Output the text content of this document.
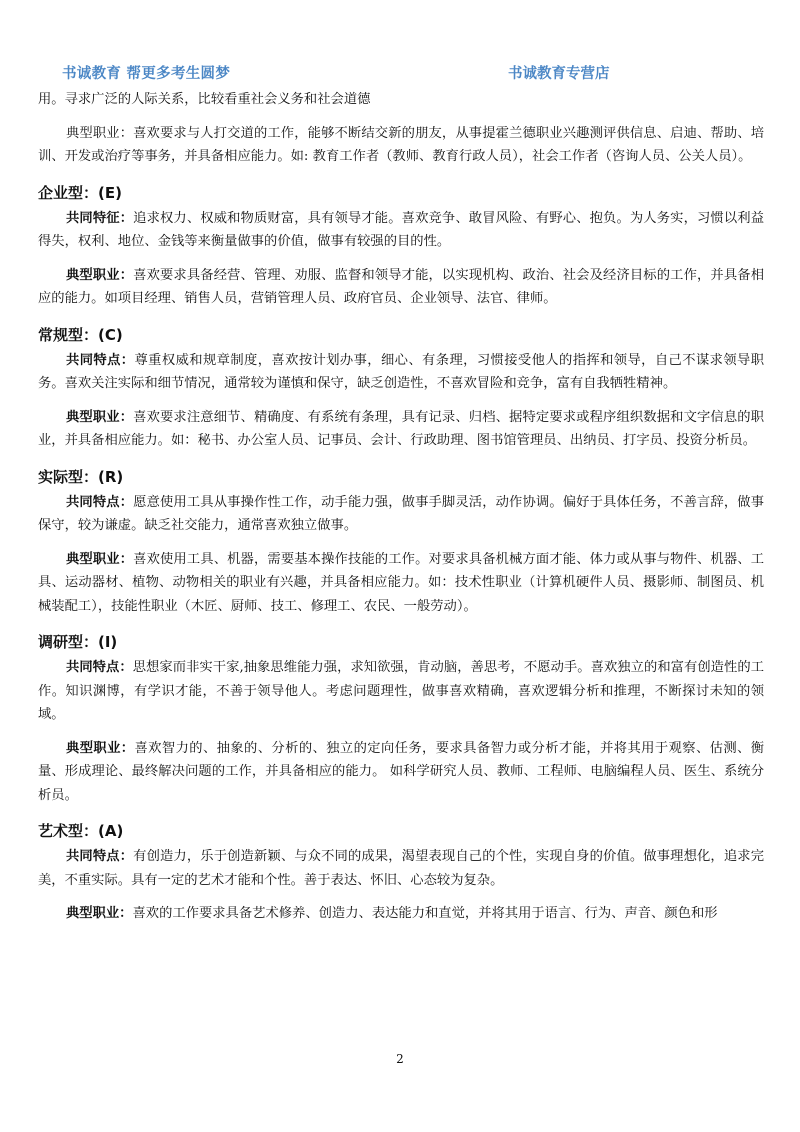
书诚教育 帮更多考生圆梦	书诚教育专营店

用。寻求广泛的人际关系，比较看重社会义务和社会道德

典型职业：喜欢要求与人打交道的工作，能够不断结交新的朋友，从事提霍兰德职业兴趣测评供信息、启迪、帮助、培训、开发或治疗等事务，并具备相应能力。如: 教育工作者（教师、教育行政人员），社会工作者（咨询人员、公关人员）。

企业型：(E)

共同特征：追求权力、权威和物质财富，具有领导才能。喜欢竞争、敢冒风险、有野心、抱负。为人务实，习惯以利益得失，权利、地位、金钱等来衡量做事的价值，做事有较强的目的性。

典型职业：喜欢要求具备经营、管理、劝服、监督和领导才能，以实现机构、政治、社会及经济目标的工作，并具备相应的能力。如项目经理、销售人员，营销管理人员、政府官员、企业领导、法官、律师。

常规型：(C)

共同特点：尊重权威和规章制度，喜欢按计划办事，细心、有条理，习惯接受他人的指挥和领导，自己不谋求领导职务。喜欢关注实际和细节情况，通常较为谨慎和保守，缺乏创造性，不喜欢冒险和竞争，富有自我牺牲精神。

典型职业：喜欢要求注意细节、精确度、有系统有条理，具有记录、归档、据特定要求或程序组织数据和文字信息的职业，并具备相应能力。如：秘书、办公室人员、记事员、会计、行政助理、图书馆管理员、出纳员、打字员、投资分析员。

实际型：(R)

共同特点：愿意使用工具从事操作性工作，动手能力强，做事手脚灵活，动作协调。偏好于具体任务，不善言辞，做事保守，较为谦虚。缺乏社交能力，通常喜欢独立做事。

典型职业：喜欢使用工具、机器，需要基本操作技能的工作。对要求具备机械方面才能、体力或从事与物件、机器、工具、运动器材、植物、动物相关的职业有兴趣，并具备相应能力。如：技术性职业（计算机硬件人员、摄影师、制图员、机械装配工），技能性职业（木匠、厨师、技工、修理工、农民、一般劳动）。

调研型：(I)

共同特点：思想家而非实干家,抽象思维能力强，求知欲强，肯动脑，善思考，不愿动手。喜欢独立的和富有创造性的工作。知识渊博，有学识才能，不善于领导他人。考虑问题理性，做事喜欢精确，喜欢逻辑分析和推理，不断探讨未知的领域。

典型职业：喜欢智力的、抽象的、分析的、独立的定向任务，要求具备智力或分析才能，并将其用于观察、估测、衡量、形成理论、最终解决问题的工作，并具备相应的能力。 如科学研究人员、教师、工程师、电脑编程人员、医生、系统分析员。

艺术型：(A)

共同特点：有创造力，乐于创造新颖、与众不同的成果，渴望表现自己的个性，实现自身的价值。做事理想化，追求完美，不重实际。具有一定的艺术才能和个性。善于表达、怀旧、心态较为复杂。

典型职业：喜欢的工作要求具备艺术修养、创造力、表达能力和直觉，并将其用于语言、行为、声音、颜色和形

2
